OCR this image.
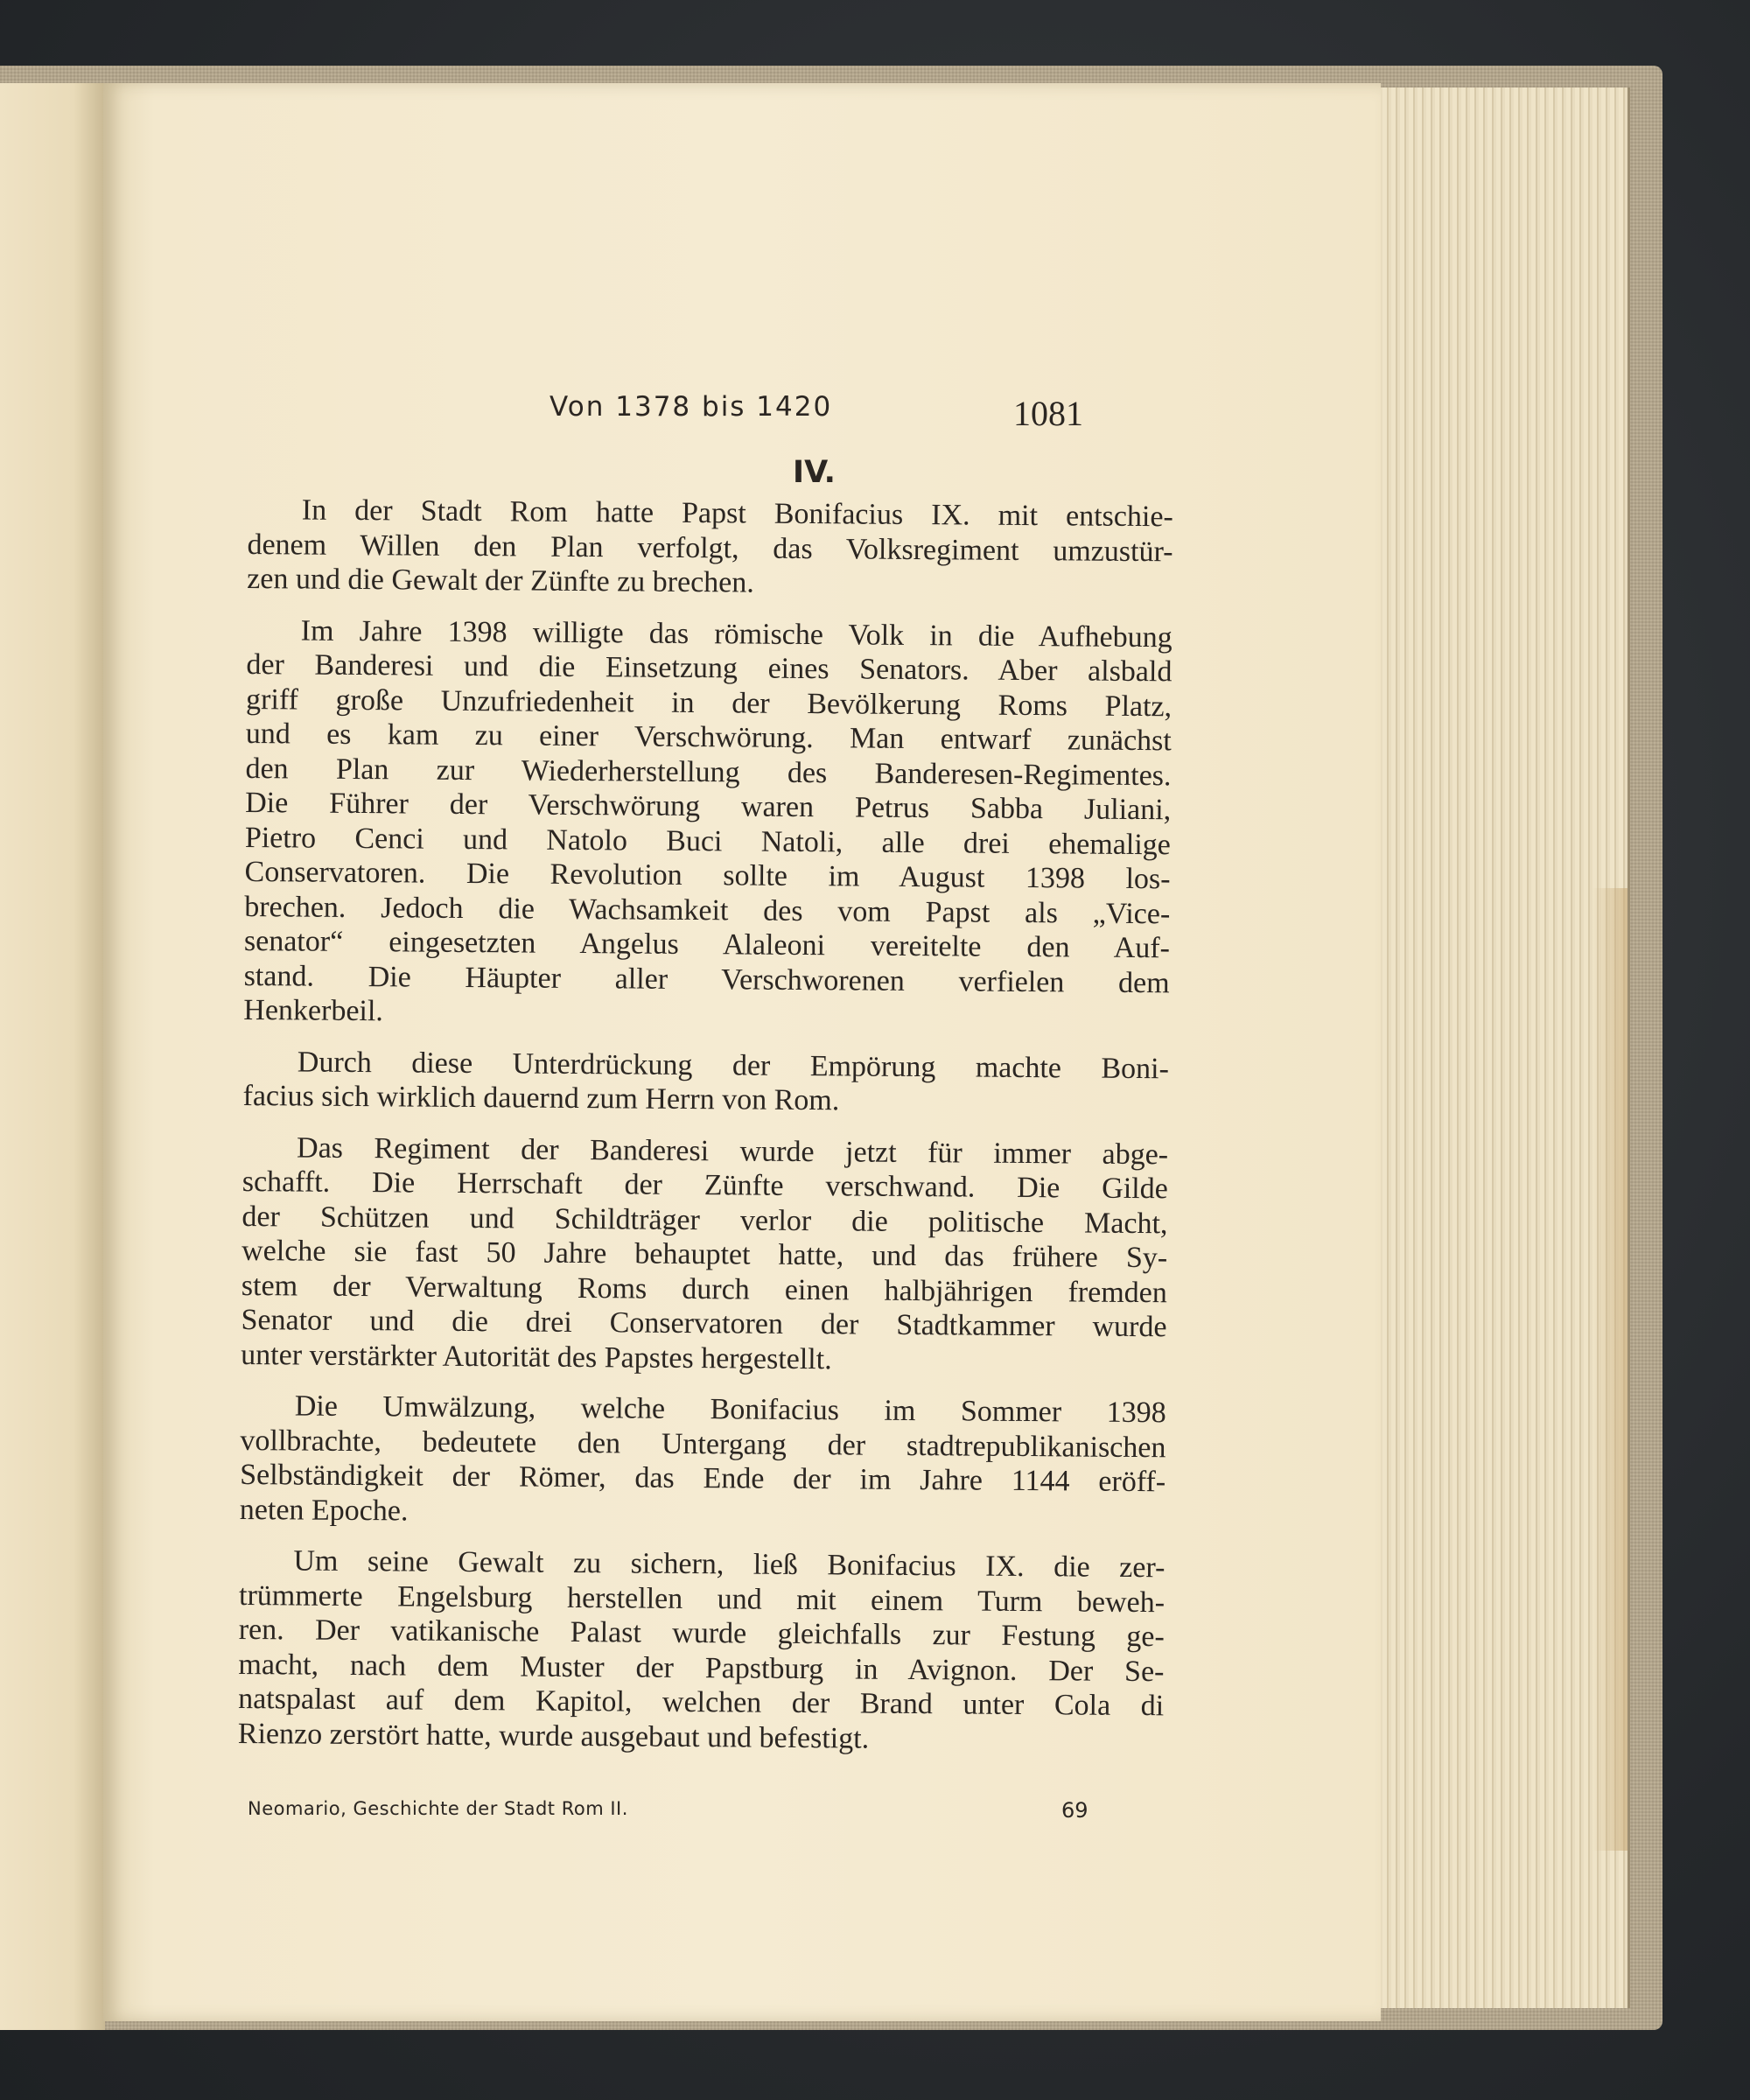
Von 1378 bis 1420	1081
IV.
In der Stadt Rom hatte Papst Bonifacius IX. mit entschie-
denem Willen den Plan verfolgt, das Volksregiment umzustür-
zen und die Gewalt der Zünfte zu brechen.
Im Jahre 1398 willigte das römische Volk in die Aufhebung
der Banderesi und die Einsetzung eines Senators. Aber alsbald
griff große Unzufriedenheit in der Bevölkerung Roms Platz,
und es kam zu einer Verschwörung. Man entwarf zunächst
den Plan zur Wiederherstellung des Banderesen-Regimentes.
Die Führer der Verschwörung waren Petrus Sabba Juliani,
Pietro Cenci und Natolo Buci Natoli, alle drei ehemalige
Conservatoren. Die Revolution sollte im August 1398 los-
brechen. Jedoch die Wachsamkeit des vom Papst als „Vice-
senator“ eingesetzten Angelus Alaleoni vereitelte den Auf-
stand. Die Häupter aller Verschworenen verfielen dem
Henkerbeil.
Durch diese Unterdrückung der Empörung machte Boni-
facius sich wirklich dauernd zum Herrn von Rom.
Das Regiment der Banderesi wurde jetzt für immer abge-
schafft. Die Herrschaft der Zünfte verschwand. Die Gilde
der Schützen und Schildträger verlor die politische Macht,
welche sie fast 50 Jahre behauptet hatte, und das frühere Sy-
stem der Verwaltung Roms durch einen halbjährigen fremden
Senator und die drei Conservatoren der Stadtkammer wurde
unter verstärkter Autorität des Papstes hergestellt.
Die Umwälzung, welche Bonifacius im Sommer 1398
vollbrachte, bedeutete den Untergang der stadtrepublikanischen
Selbständigkeit der Römer, das Ende der im Jahre 1144 eröff-
neten Epoche.
Um seine Gewalt zu sichern, ließ Bonifacius IX. die zer-
trümmerte Engelsburg herstellen und mit einem Turm beweh-
ren. Der vatikanische Palast wurde gleichfalls zur Festung ge-
macht, nach dem Muster der Papstburg in Avignon. Der Se-
natspalast auf dem Kapitol, welchen der Brand unter Cola di
Rienzo zerstört hatte, wurde ausgebaut und befestigt.
Neomario, Geschichte der Stadt Rom II.	69
